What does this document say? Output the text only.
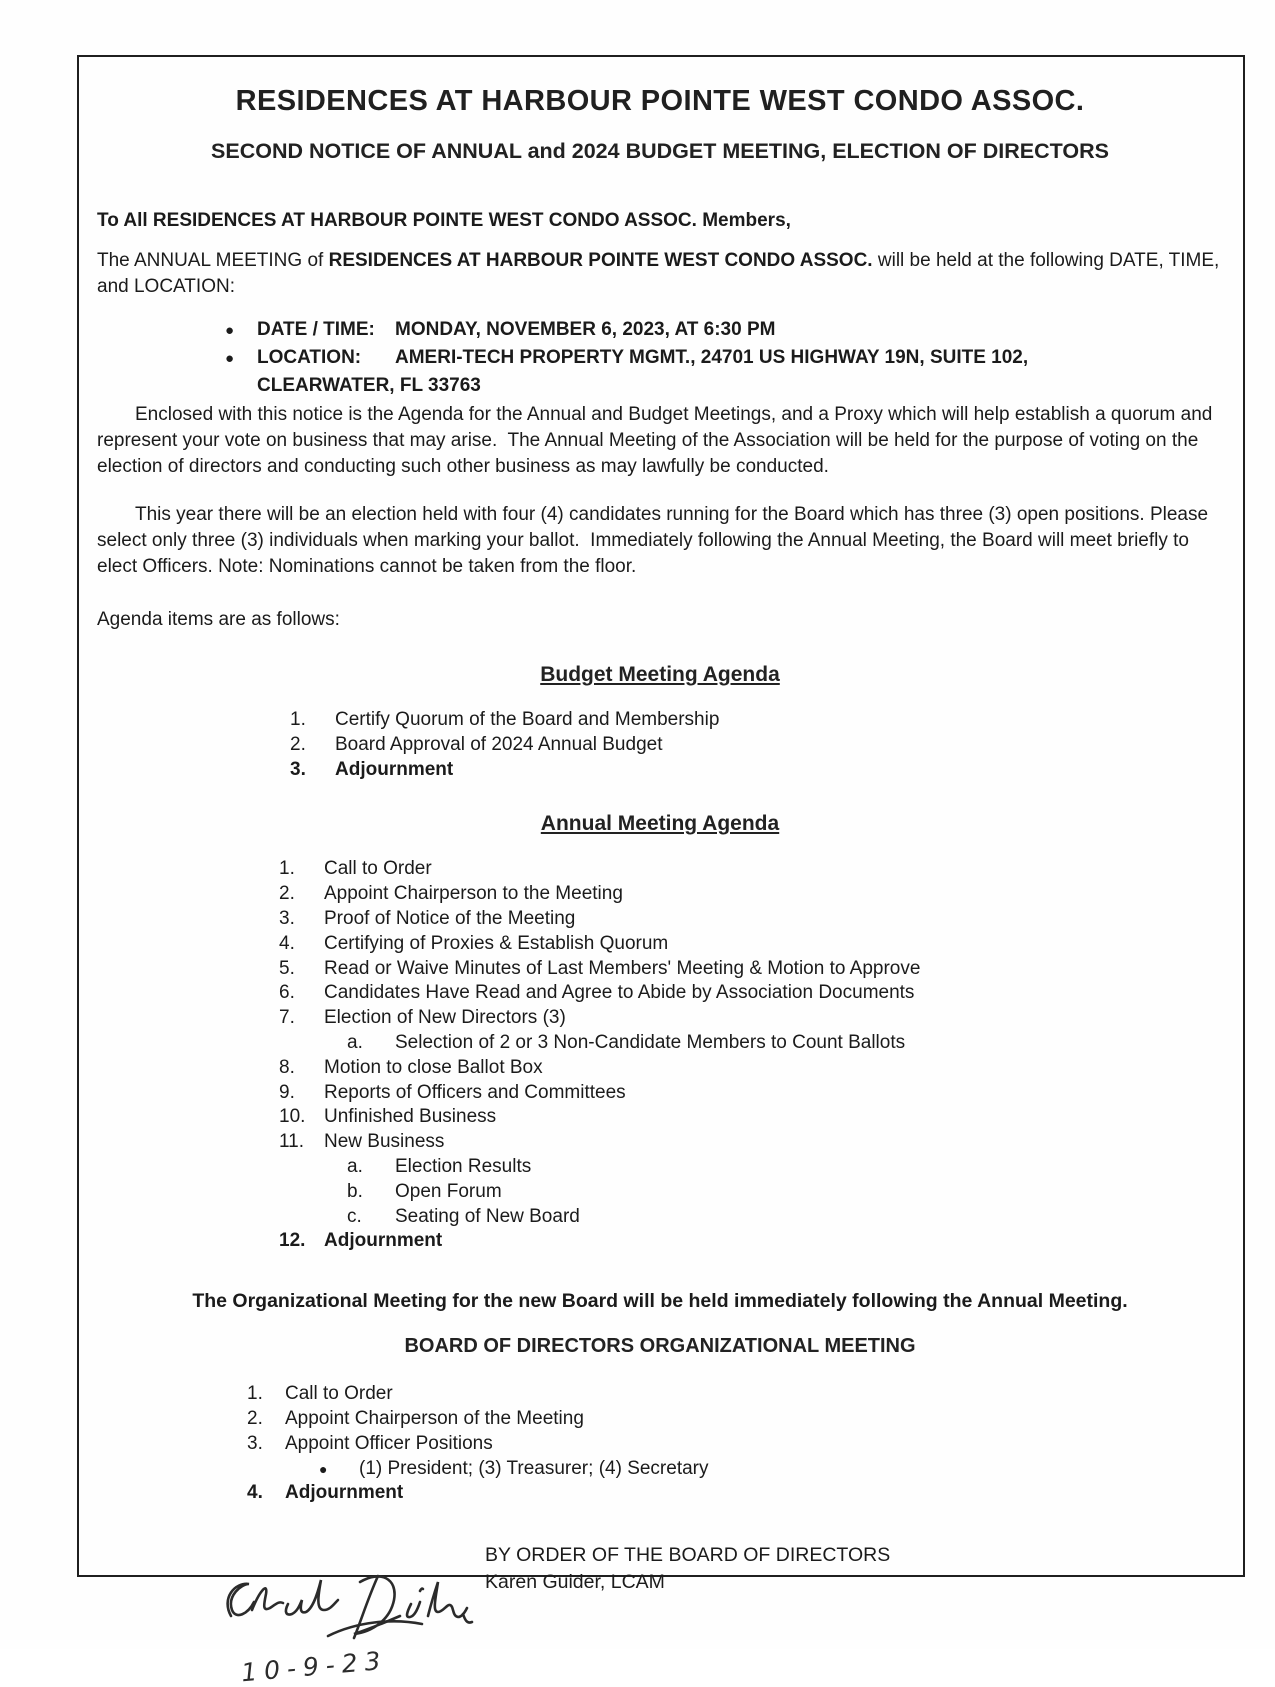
RESIDENCES AT HARBOUR POINTE WEST CONDO ASSOC.
SECOND NOTICE OF ANNUAL and 2024 BUDGET MEETING, ELECTION OF DIRECTORS

To All RESIDENCES AT HARBOUR POINTE WEST CONDO ASSOC. Members,

The ANNUAL MEETING of RESIDENCES AT HARBOUR POINTE WEST CONDO ASSOC. will be held at the following DATE, TIME, and LOCATION:

●	DATE / TIME:	MONDAY, NOVEMBER 6, 2023, AT 6:30 PM
●	LOCATION:	AMERI-TECH PROPERTY MGMT., 24701 US HIGHWAY 19N, SUITE 102,
CLEARWATER, FL 33763

Enclosed with this notice is the Agenda for the Annual and Budget Meetings, and a Proxy which will help establish a quorum and represent your vote on business that may arise.  The Annual Meeting of the Association will be held for the purpose of voting on the election of directors and conducting such other business as may lawfully be conducted.

This year there will be an election held with four (4) candidates running for the Board which has three (3) open positions. Please select only three (3) individuals when marking your ballot.  Immediately following the Annual Meeting, the Board will meet briefly to elect Officers. Note: Nominations cannot be taken from the floor.

Agenda items are as follows:

Budget Meeting Agenda
1.	Certify Quorum of the Board and Membership
2.	Board Approval of 2024 Annual Budget
3.	Adjournment
Annual Meeting Agenda
1.	Call to Order
2.	Appoint Chairperson to the Meeting
3.	Proof of Notice of the Meeting
4.	Certifying of Proxies & Establish Quorum
5.	Read or Waive Minutes of Last Members' Meeting & Motion to Approve
6.	Candidates Have Read and Agree to Abide by Association Documents
7.	Election of New Directors (3)
a.	Selection of 2 or 3 Non-Candidate Members to Count Ballots
8.	Motion to close Ballot Box
9.	Reports of Officers and Committees
10. Unfinished Business
11.	New Business
a.	Election Results
b.	Open Forum
c.	Seating of New Board
12. Adjournment

The Organizational Meeting for the new Board will be held immediately following the Annual Meeting.

BOARD OF DIRECTORS ORGANIZATIONAL MEETING
1.	Call to Order
2.	Appoint Chairperson of the Meeting
3.	Appoint Officer Positions
●	(1) President; (3) Treasurer; (4) Secretary
4.	Adjournment
10-9-23
BY ORDER OF THE BOARD OF DIRECTORS
Karen Guider, LCAM
